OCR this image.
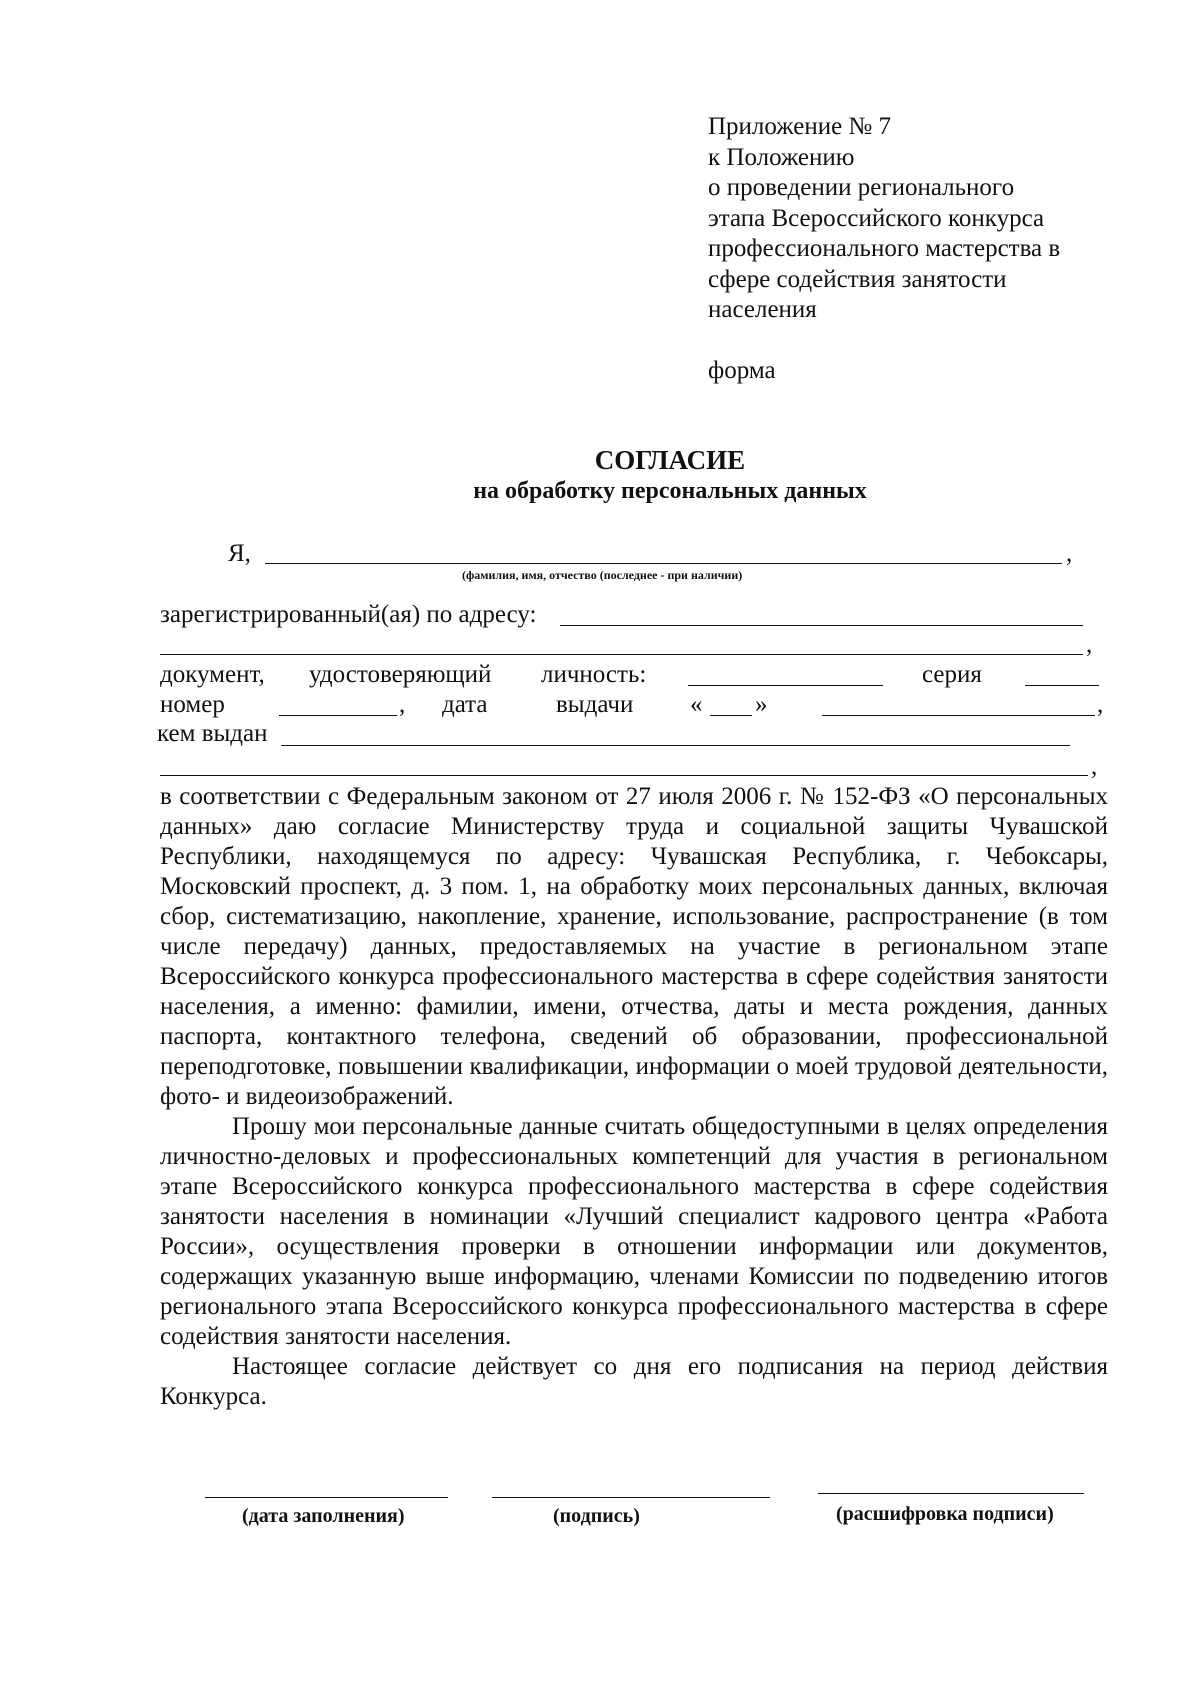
Приложение № 7
к Положению
о проведении регионального
этапа Всероссийского конкурса
профессионального мастерства в
сфере содействия занятости
населения
форма
СОГЛАСИЕ
на обработку персональных данных
Я,	,
(фамилия, имя, отчество (последнее - при наличии)
зарегистрированный(ая) по адресу:
,
документ, удостоверяющий личность:	серия
номер	, дата	выдачи « »	,
кем выдан
,

в соответствии с Федеральным законом от 27 июля 2006 г. № 152-ФЗ «О персональных данных» даю согласие Министерству труда и социальной защиты Чувашской Республики, находящемуся по адресу: Чувашская Республика, г. Чебоксары, Московский проспект, д. 3 пом. 1, на обработку моих персональных данных, включая сбор, систематизацию, накопление, хранение, использование, распространение (в том числе передачу) данных, предоставляемых на участие в региональном этапе Всероссийского конкурса профессионального мастерства в сфере содействия занятости населения, а именно: фамилии, имени, отчества, даты и места рождения, данных паспорта, контактного телефона, сведений об образовании, профессиональной переподготовке, повышении квалификации, информации о моей трудовой деятельности, фото- и видеоизображений.

Прошу мои персональные данные считать общедоступными в целях определения личностно-деловых и профессиональных компетенций для участия в региональном этапе Всероссийского конкурса профессионального мастерства в сфере содействия занятости населения в номинации «Лучший специалист кадрового центра «Работа России», осуществления проверки в отношении информации или документов, содержащих указанную выше информацию, членами Комиссии по подведению итогов регионального этапа Всероссийского конкурса профессионального мастерства в сфере содействия занятости населения.

Настоящее согласие действует со дня его подписания на период действия Конкурса.

(дата заполнения)	(подпись)	(расшифровка подписи)
